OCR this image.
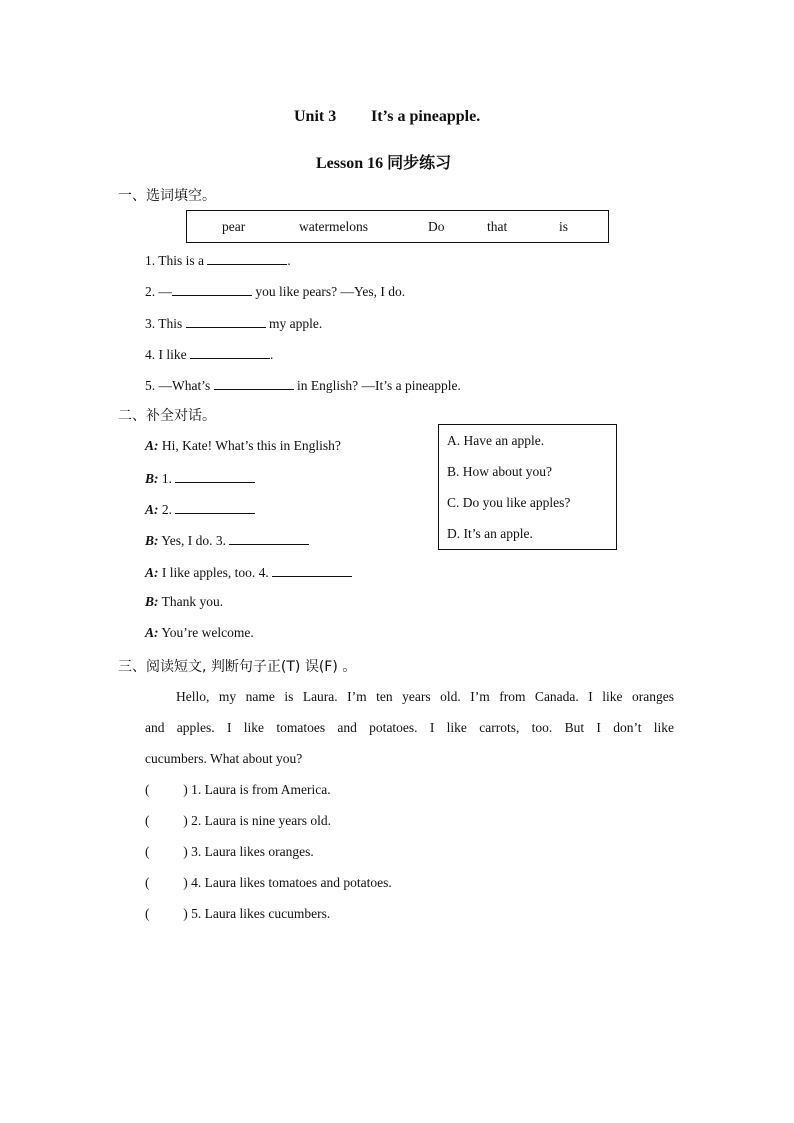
Unit 3 It’s a pineapple.
Lesson 16 同步练习
一、选词填空。
pear	watermelons	Do	that	is
1. This is a	.
2. —	you like pears? —Yes, I do.
3. This	my apple.
4. I like	.
5. —What’s	in English? —It’s a pineapple.
二、补全对话。
A: Hi, Kate! What’s this in English?
B: 1.
A: 2.
B: Yes, I do. 3.
A: I like apples, too. 4.
B: Thank you.
A: You’re welcome.
A. Have an apple.
B. How about you?
C. Do you like apples?
D. It’s an apple.
三、阅读短文, 判断句子正(T) 误(F) 。
Hello, my name is Laura. I’m ten years old. I’m from Canada. I like oranges
and apples. I like tomatoes and potatoes. I like carrots, too. But I don’t like
cucumbers. What about you?
(          ) 1. Laura is from America.
(          ) 2. Laura is nine years old.
(          ) 3. Laura likes oranges.
(          ) 4. Laura likes tomatoes and potatoes.
(          ) 5. Laura likes cucumbers.
